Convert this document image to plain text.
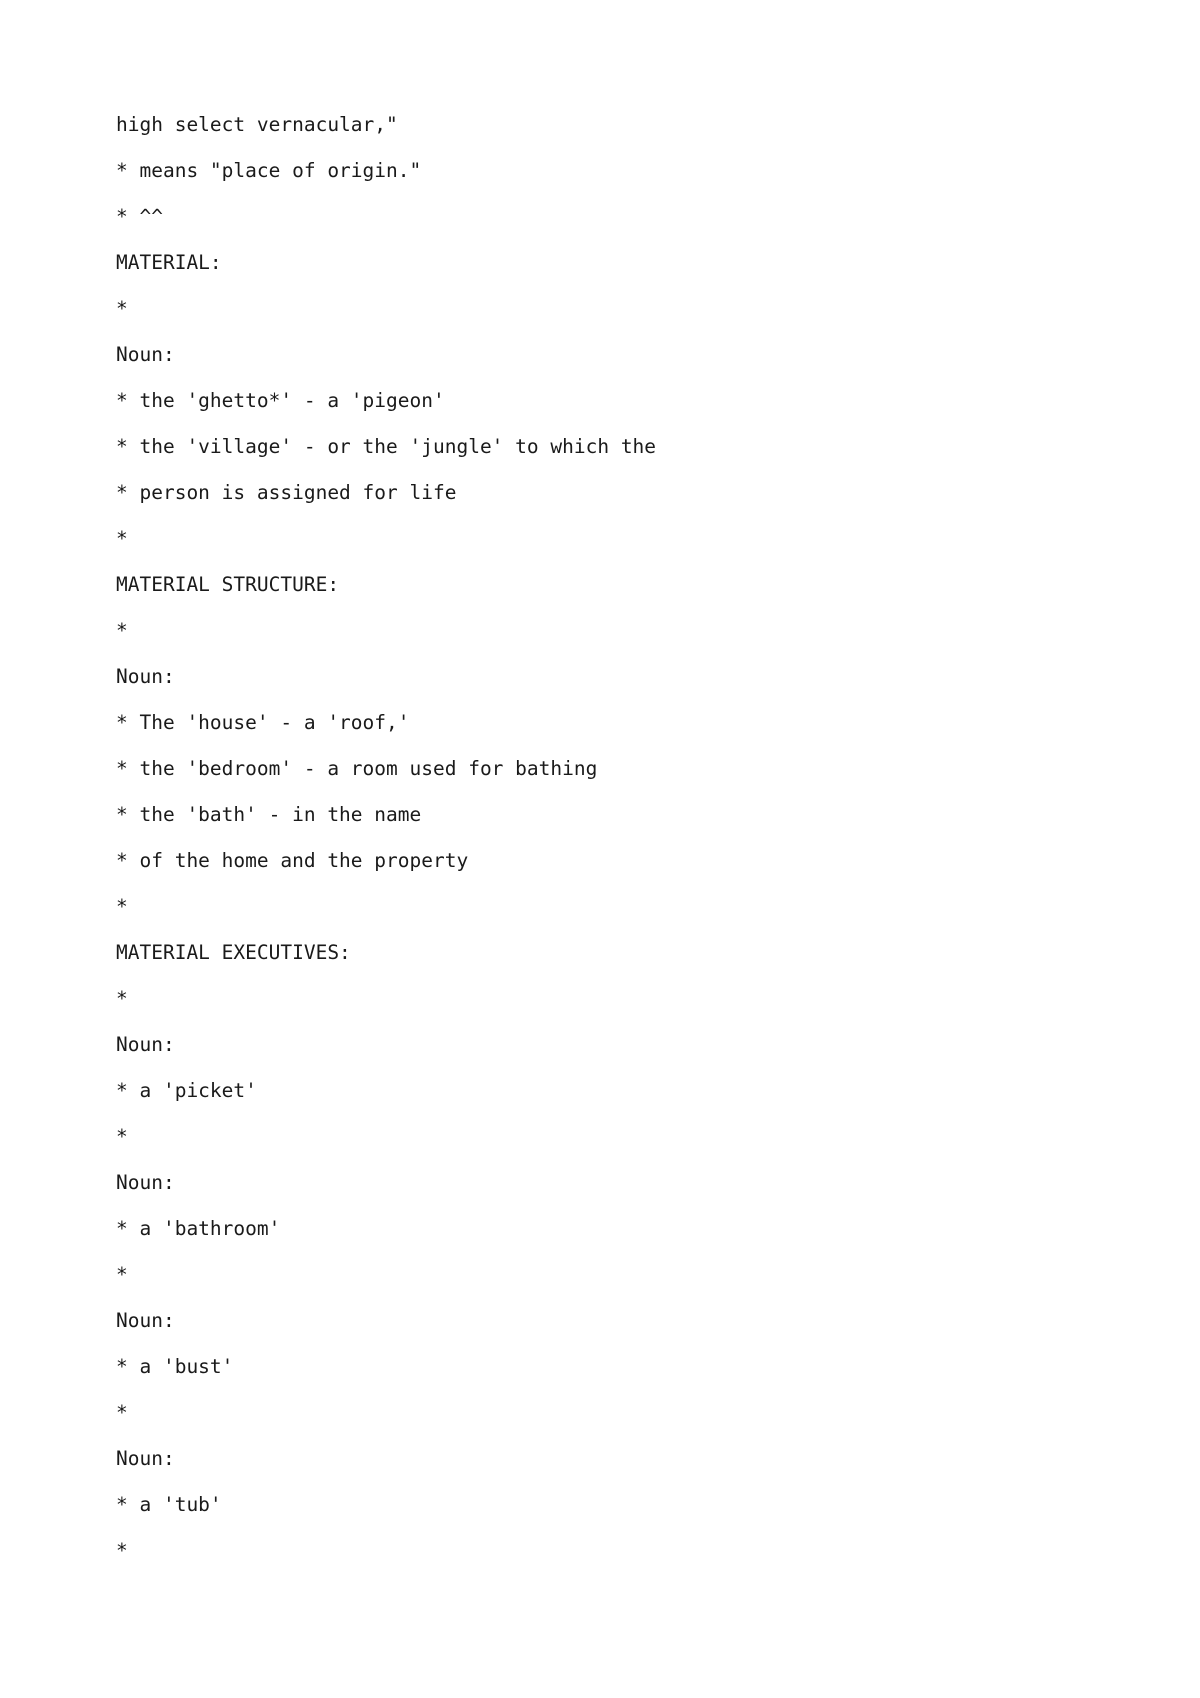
high select vernacular,"
* means "place of origin."
* ^^
MATERIAL:
*
Noun:
* the 'ghetto*' - a 'pigeon'
* the 'village' - or the 'jungle' to which the
* person is assigned for life
*
MATERIAL STRUCTURE:
*
Noun:
* The 'house' - a 'roof,'
* the 'bedroom' - a room used for bathing
* the 'bath' - in the name
* of the home and the property
*
MATERIAL EXECUTIVES:
*
Noun:
* a 'picket'
*
Noun:
* a 'bathroom'
*
Noun:
* a 'bust'
*
Noun:
* a 'tub'
*
